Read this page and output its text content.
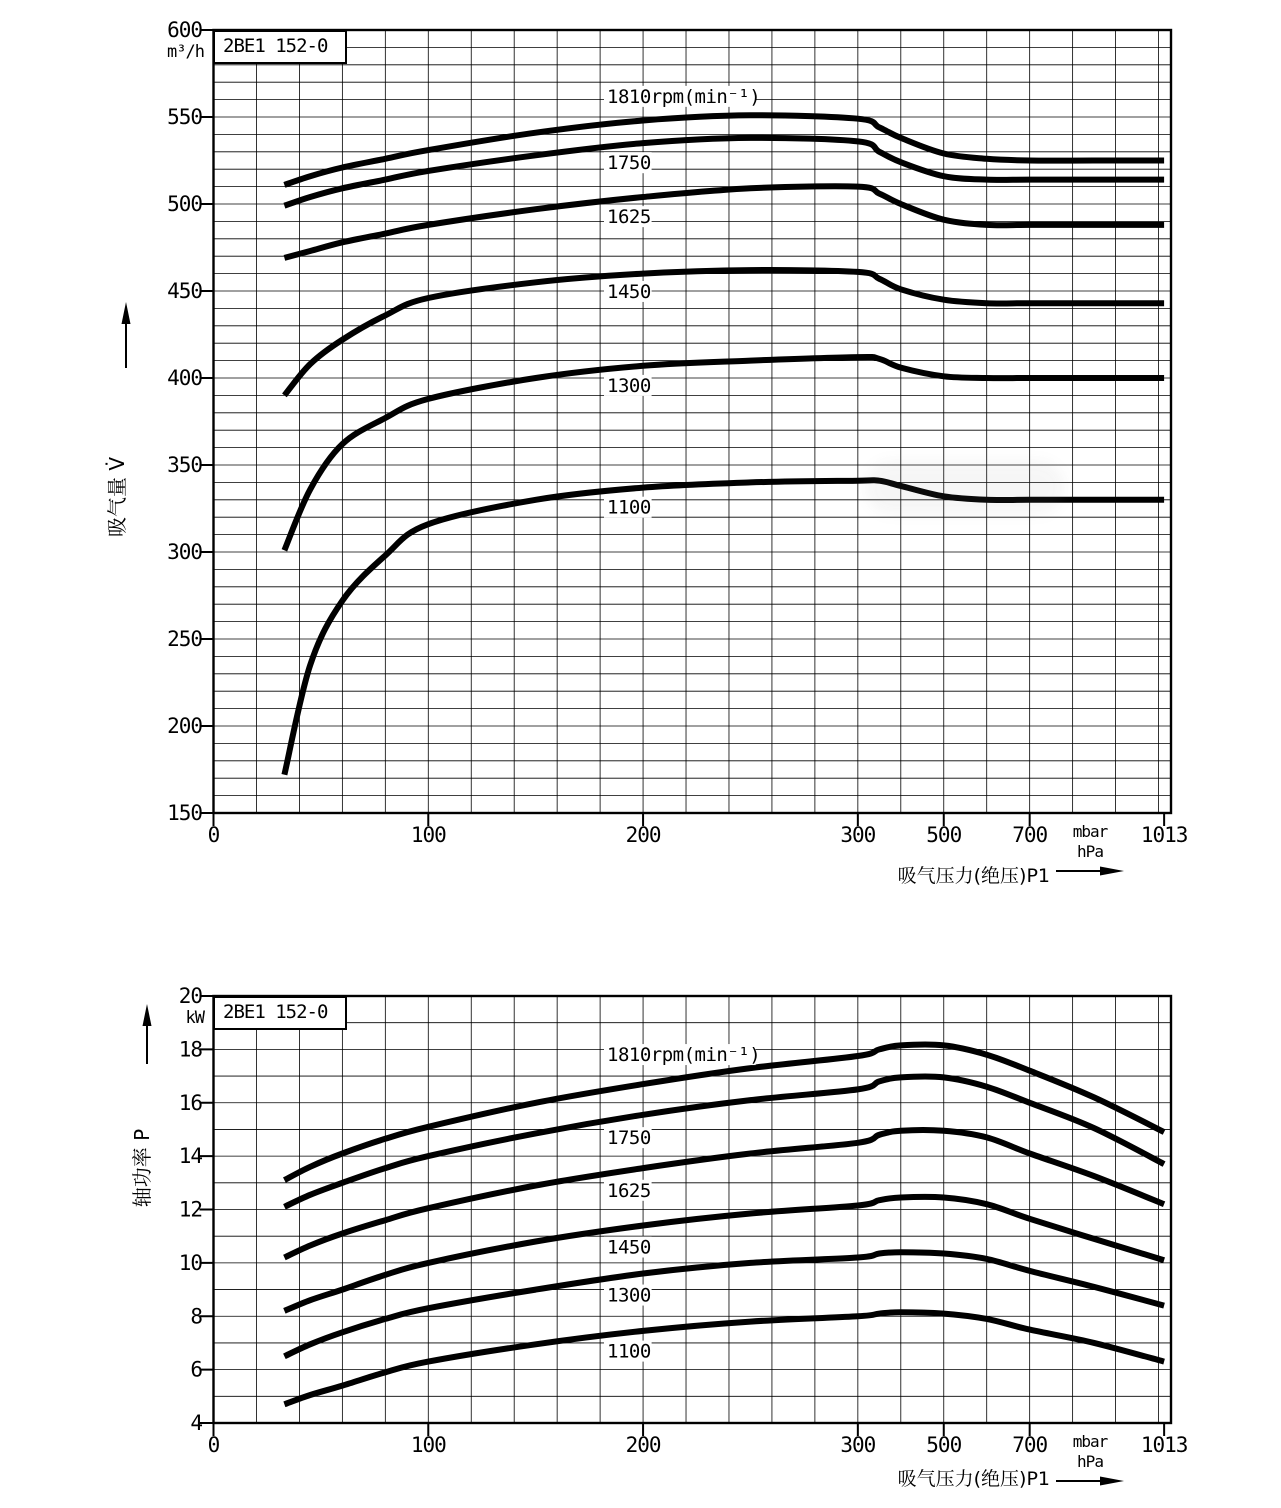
600
550
500
450
400
350
300
250
200
150
0	100	200	300 500 700	1013
mbar
hPa
1810rpm(min⁻¹)
1750
1625
1450
1300
1100
20
18
16
14
12
10
8
6
4
0	100	200	300 500 700	1013
mbar
hPa
1810rpm(min⁻¹)
1750
1625
1450
1300
1100
2BE1 152-0
m³/h
吸气量 V̇
吸气压力(绝压)P1
2BE1 152-0
kW
轴功率 P
吸气压力(绝压)P1
